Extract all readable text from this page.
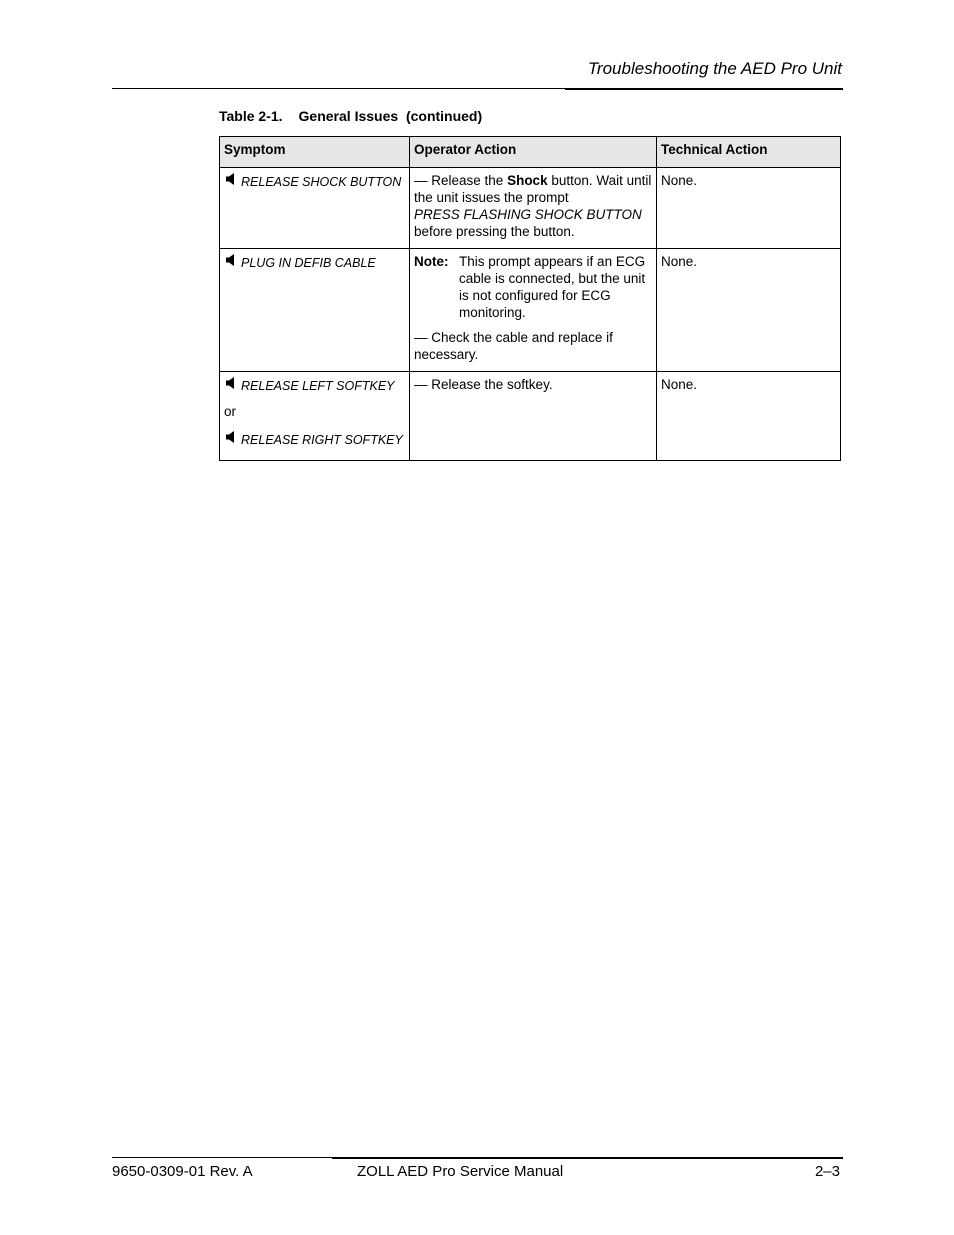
Troubleshooting the AED Pro Unit
Table 2-1. General Issues  (continued)
Symptom	Operator Action	Technical Action

RELEASE SHOCK BUTTON	— Release the Shock button. Wait until the unit issues the prompt
PRESS FLASHING SHOCK BUTTON
before pressing the button.	None.

PLUG IN DEFIB CABLE	Note: This prompt appears if an ECG cable is connected, but the unit is not configured for ECG monitoring.
— Check the cable and replace if necessary.	None.

RELEASE LEFT SOFTKEY
or
RELEASE RIGHT SOFTKEY	— Release the softkey.	None.
9650-0309-01 Rev. A	ZOLL AED Pro Service Manual	2–3
